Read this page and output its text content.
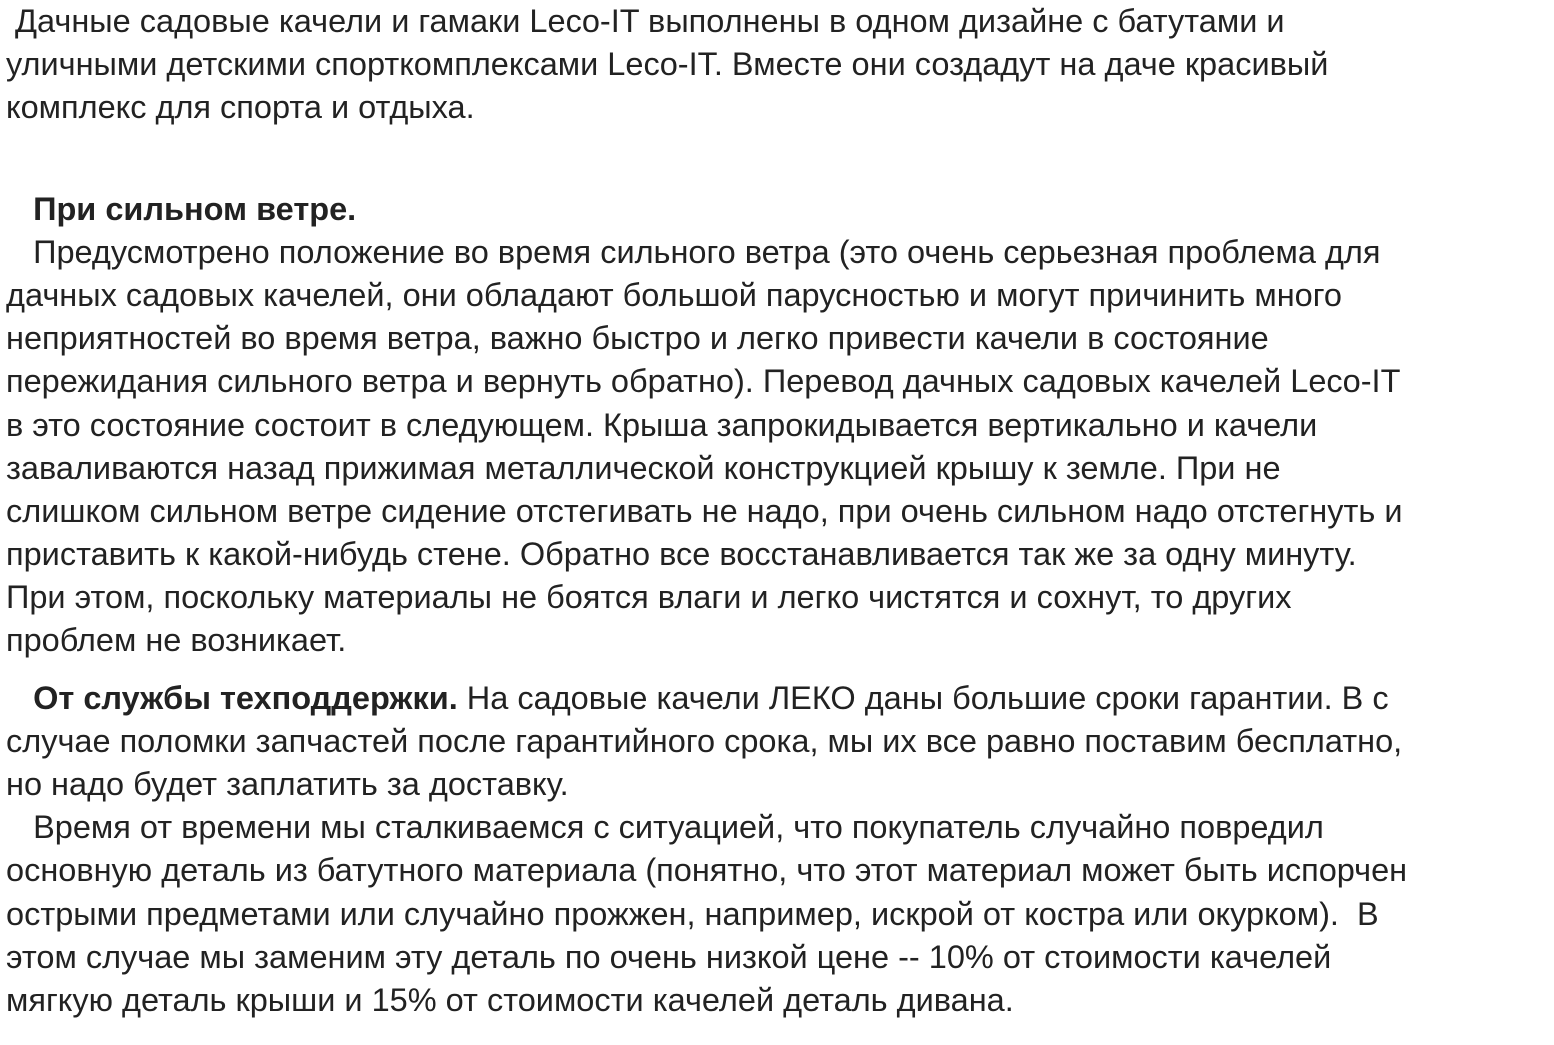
Дачные садовые качели и гамаки Leco-IT выполнены в одном дизайне с батутами и
уличными детскими спорткомплексами Leco-IT. Вместе они создадут на даче красивый
комплекс для спорта и отдыха.
При сильном ветре.
Предусмотрено положение во время сильного ветра (это очень серьезная проблема для
дачных садовых качелей, они обладают большой парусностью и могут причинить много
неприятностей во время ветра, важно быстро и легко привести качели в состояние
пережидания сильного ветра и вернуть обратно). Перевод дачных садовых качелей Leco-IT
в это состояние состоит в следующем. Крыша запрокидывается вертикально и качели
заваливаются назад прижимая металлической конструкцией крышу к земле. При не
слишком сильном ветре сидение отстегивать не надо, при очень сильном надо отстегнуть и
приставить к какой-нибудь стене. Обратно все восстанавливается так же за одну минуту.
При этом, поскольку материалы не боятся влаги и легко чистятся и сохнут, то других
проблем не возникает.
От службы техподдержки. На садовые качели ЛЕКО даны большие сроки гарантии. В с
случае поломки запчастей после гарантийного срока, мы их все равно поставим бесплатно,
но надо будет заплатить за доставку.
Время от времени мы сталкиваемся с ситуацией, что покупатель случайно повредил
основную деталь из батутного материала (понятно, что этот материал может быть испорчен
острыми предметами или случайно прожжен, например, искрой от костра или окурком).  В
этом случае мы заменим эту деталь по очень низкой цене -- 10% от стоимости качелей
мягкую деталь крыши и 15% от стоимости качелей деталь дивана.
